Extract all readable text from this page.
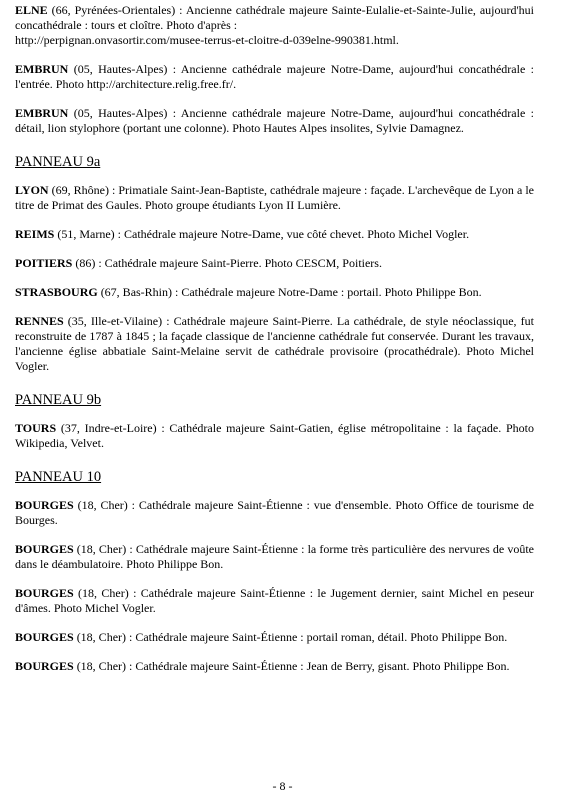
ELNE (66, Pyrénées-Orientales) : Ancienne cathédrale majeure Sainte-Eulalie-et-Sainte-Julie, aujourd'hui concathédrale : tours et cloître. Photo d'après :
http://perpignan.onvasortir.com/musee-terrus-et-cloitre-d-039elne-990381.html.

EMBRUN (05, Hautes-Alpes) : Ancienne cathédrale majeure Notre-Dame, aujourd'hui concathédrale : l'entrée. Photo http://architecture.relig.free.fr/.

EMBRUN (05, Hautes-Alpes) : Ancienne cathédrale majeure Notre-Dame, aujourd'hui concathédrale : détail, lion stylophore (portant une colonne). Photo Hautes Alpes insolites, Sylvie Damagnez.

PANNEAU 9a

LYON (69, Rhône) : Primatiale Saint-Jean-Baptiste, cathédrale majeure : façade. L'archevêque de Lyon a le titre de Primat des Gaules. Photo groupe étudiants Lyon II Lumière.

REIMS (51, Marne) : Cathédrale majeure Notre-Dame, vue côté chevet. Photo Michel Vogler.

POITIERS (86) : Cathédrale majeure Saint-Pierre. Photo CESCM, Poitiers.

STRASBOURG (67, Bas-Rhin) : Cathédrale majeure Notre-Dame : portail. Photo Philippe Bon.

RENNES (35, Ille-et-Vilaine) : Cathédrale majeure Saint-Pierre. La cathédrale, de style néoclassique, fut reconstruite de 1787 à 1845 ; la façade classique de l'ancienne cathédrale fut conservée. Durant les travaux, l'ancienne église abbatiale Saint-Melaine servit de cathédrale provisoire (procathédrale). Photo Michel Vogler.

PANNEAU 9b

TOURS (37, Indre-et-Loire) : Cathédrale majeure Saint-Gatien, église métropolitaine : la façade. Photo Wikipedia, Velvet.

PANNEAU 10

BOURGES (18, Cher) : Cathédrale majeure Saint-Étienne : vue d'ensemble. Photo Office de tourisme de Bourges.

BOURGES (18, Cher) : Cathédrale majeure Saint-Étienne : la forme très particulière des nervures de voûte dans le déambulatoire. Photo Philippe Bon.

BOURGES (18, Cher) : Cathédrale majeure Saint-Étienne : le Jugement dernier, saint Michel en peseur d'âmes. Photo Michel Vogler.

BOURGES (18, Cher) : Cathédrale majeure Saint-Étienne : portail roman, détail. Photo Philippe Bon.

BOURGES (18, Cher) : Cathédrale majeure Saint-Étienne : Jean de Berry, gisant. Photo Philippe Bon.

- 8 -
